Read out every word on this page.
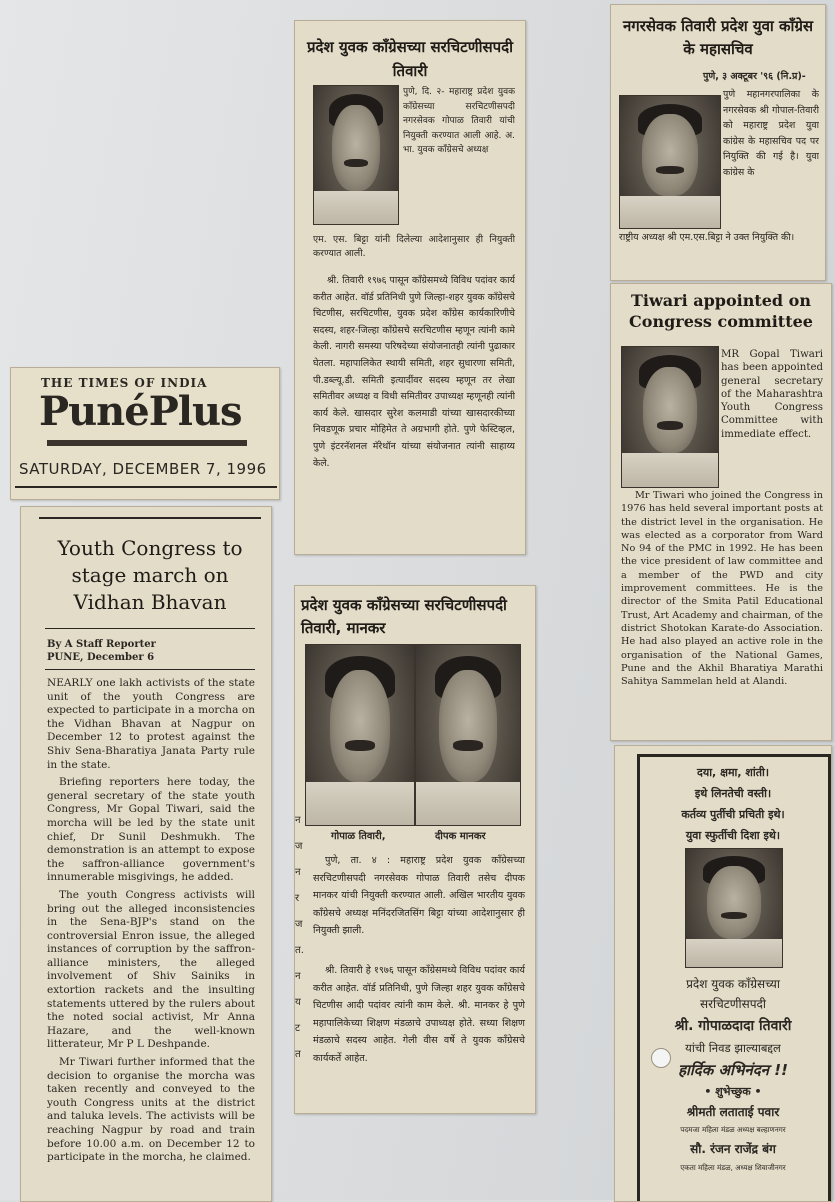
THE TIMES OF INDIA
PunéPlus
SATURDAY, DECEMBER 7, 1996
Youth Congress to stage march on Vidhan Bhavan
By A Staff Reporter
PUNE, December 6

NEARLY one lakh activists of the state unit of the youth Congress are expected to participate in a morcha on the Vidhan Bhavan at Nagpur on December 12 to protest against the Shiv Sena-Bharatiya Janata Party rule in the state.

Briefing reporters here today, the general secretary of the state youth Congress, Mr Gopal Tiwari, said the morcha will be led by the state unit chief, Dr Sunil Deshmukh. The demonstration is an attempt to expose the saffron-alliance government's innumerable misgivings, he added.

The youth Congress activists will bring out the alleged inconsistencies in the Sena-BJP's stand on the controversial Enron issue, the alleged instances of corruption by the saffron-alliance ministers, the alleged involvement of Shiv Sainiks in extortion rackets and the insulting statements uttered by the rulers about the noted social activist, Mr Anna Hazare, and the well-known litterateur, Mr P L Deshpande.

Mr Tiwari further informed that the decision to organise the morcha was taken recently and conveyed to the youth Congress units at the district and taluka levels. The activists will be reaching Nagpur by road and train before 10.00 a.m. on December 12 to participate in the morcha, he claimed.

प्रदेश युवक कॉंग्रेसच्या सरचिटणीसपदी तिवारी
पुणे, दि. २- महाराष्ट्र प्रदेश युवक कॉंग्रेसच्या सरचिटणीसपदी नगरसेवक गोपाळ तिवारी यांची नियुक्ती करण्यात आली आहे. अ. भा. युवक कॉंग्रेसचे अध्यक्ष
एम. एस. बिट्टा यांनी दिलेल्या आदेशानुसार ही नियुक्ती करण्यात आली.
श्री. तिवारी १९७६ पासून कॉंग्रेसमध्ये विविध पदांवर कार्य करीत आहेत. वॉर्ड प्रतिनिधी पुणे जिल्हा-शहर युवक कॉंग्रेसचे चिटणीस, सरचिटणीस, युवक प्रदेश कॉंग्रेस कार्यकारिणीचे सदस्य, शहर-जिल्हा कॉंग्रेसचे सरचिटणीस म्हणून त्यांनी कामे केली. नागरी समस्या परिषदेच्या संयोजनातही त्यांनी पुढाकार घेतला. महापालिकेत स्थायी समिती, शहर सुधारणा समिती, पी.डब्ल्यू.डी. समिती इत्यादींवर सदस्य म्हणून तर लेखा समितीवर अध्यक्ष व विधी समितीवर उपाध्यक्ष म्हणूनही त्यांनी कार्य केले. खासदार सुरेश कलमाडी यांच्या खासदारकीच्या निवडणूक प्रचार मोहिमेत ते अग्रभागी होते. पुणे फेस्टिव्हल, पुणे इंटरनॅशनल मॅरेथॉन यांच्या संयोजनात त्यांनी साहाय्य केले.
नगरसेवक तिवारी प्रदेश युवा कॉंग्रेस के महासचिव
पुणे, ३ अक्टूबर '९६ (नि.प्र)-
पुणे महानगरपालिका के नगरसेवक श्री गोपाल-तिवारी को महाराष्ट्र प्रदेश युवा कांग्रेस के महासचिव पद पर नियुक्ति की गई है। युवा कांग्रेस के
राष्ट्रीय अध्यक्ष श्री एम.एस.बिट्टा ने उक्त नियुक्ति की।
Tiwari appointed on Congress committee
MR Gopal Tiwari has been appointed general secretary of the Maharashtra Youth Congress Committee with immediate effect.
Mr Tiwari who joined the Congress in 1976 has held several important posts at the district level in the organisation. He was elected as a corporator from Ward No 94 of the PMC in 1992. He has been the vice president of law committee and a member of the PWD and city improvement committees. He is the director of the Smita Patil Educational Trust, Art Academy and chairman, of the district Shotokan Karate-do Association. He had also played an active role in the organisation of the National Games, Pune and the Akhil Bharatiya Marathi Sahitya Sammelan held at Alandi.
प्रदेश युवक कॉंग्रेसच्या सरचिटणीसपदी तिवारी, मानकर
गोपाळ तिवारी,	दीपक मानकर
न
ज
न
र
ज
त.
न
य
ट
त
पुणे, ता. ४ : महाराष्ट्र प्रदेश युवक कॉंग्रेसच्या सरचिटणीसपदी नगरसेवक गोपाळ तिवारी तसेच दीपक मानकर यांची नियुक्ती करण्यात आली. अखिल भारतीय युवक कॉंग्रेसचे अध्यक्ष मनिंदरजितसिंग बिट्टा यांच्या आदेशानुसार ही नियुक्ती झाली.
श्री. तिवारी हे १९७६ पासून कॉंग्रेसमध्ये विविध पदांवर कार्य करीत आहेत. वॉर्ड प्रतिनिधी, पुणे जिल्हा शहर युवक कॉंग्रेसचे चिटणीस आदी पदांवर त्यांनी काम केले. श्री. मानकर हे पुणे महापालिकेच्या शिक्षण मंडळाचे उपाध्यक्ष होते. सध्या शिक्षण मंडळाचे सदस्य आहेत. गेली वीस वर्षे ते युवक कॉंग्रेसचे कार्यकर्ते आहेत.
दया, क्षमा, शांती।
इथे लिनतेची वस्ती।
कर्तव्य पुर्तीची प्रचिती इथे।
युवा स्फुर्तीची दिशा इथे।
प्रदेश युवक कॉंग्रेसच्या
सरचिटणीसपदी
श्री. गोपाळदादा तिवारी
यांची निवड झाल्याबद्दल
हार्दिक अभिनंदन !!
• शुभेच्छुक •
श्रीमती लताताई पवार
पदमजा महिला मंडळ अध्यक्ष बल्हाणनगर
सौ. रंजन राजेंद्र बंग
एकता महिला मंडळ, अध्यक्ष शिवाजीनगर
